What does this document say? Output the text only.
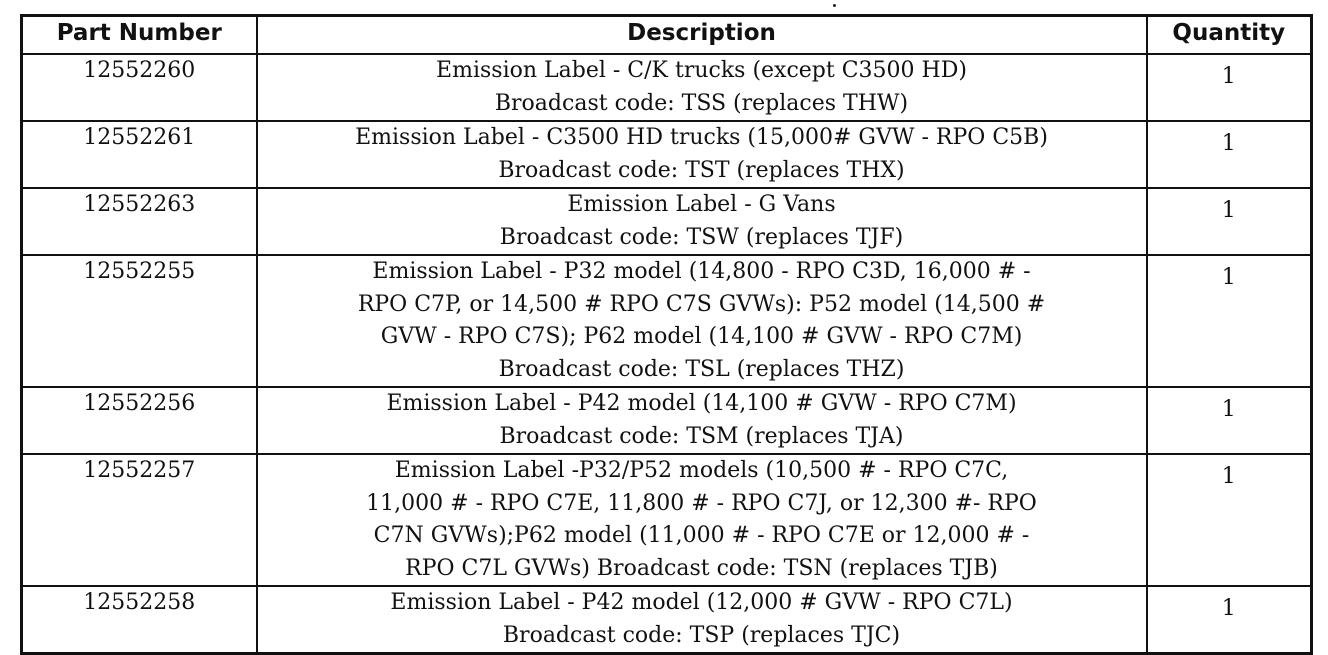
Part Number	Description	Quantity
12552260	Emission Label - C/K trucks (except C3500 HD)
Broadcast code: TSS (replaces THW)	1
12552261	Emission Label - C3500 HD trucks (15,000# GVW - RPO C5B)
Broadcast code: TST (replaces THX)	1
12552263	Emission Label - G Vans
Broadcast code: TSW (replaces TJF)	1
12552255	Emission Label - P32 model (14,800 - RPO C3D, 16,000 # -
RPO C7P, or 14,500 # RPO C7S GVWs): P52 model (14,500 #
GVW - RPO C7S); P62 model (14,100 # GVW - RPO C7M)
Broadcast code: TSL (replaces THZ)	1
12552256	Emission Label - P42 model (14,100 # GVW - RPO C7M)
Broadcast code: TSM (replaces TJA)	1
12552257	Emission Label -P32/P52 models (10,500 # - RPO C7C,
11,000 # - RPO C7E, 11,800 # - RPO C7J, or 12,300 #- RPO
C7N GVWs);P62 model (11,000 # - RPO C7E or 12,000 # -
RPO C7L GVWs) Broadcast code: TSN (replaces TJB)	1
12552258	Emission Label - P42 model (12,000 # GVW - RPO C7L)
Broadcast code: TSP (replaces TJC)	1
